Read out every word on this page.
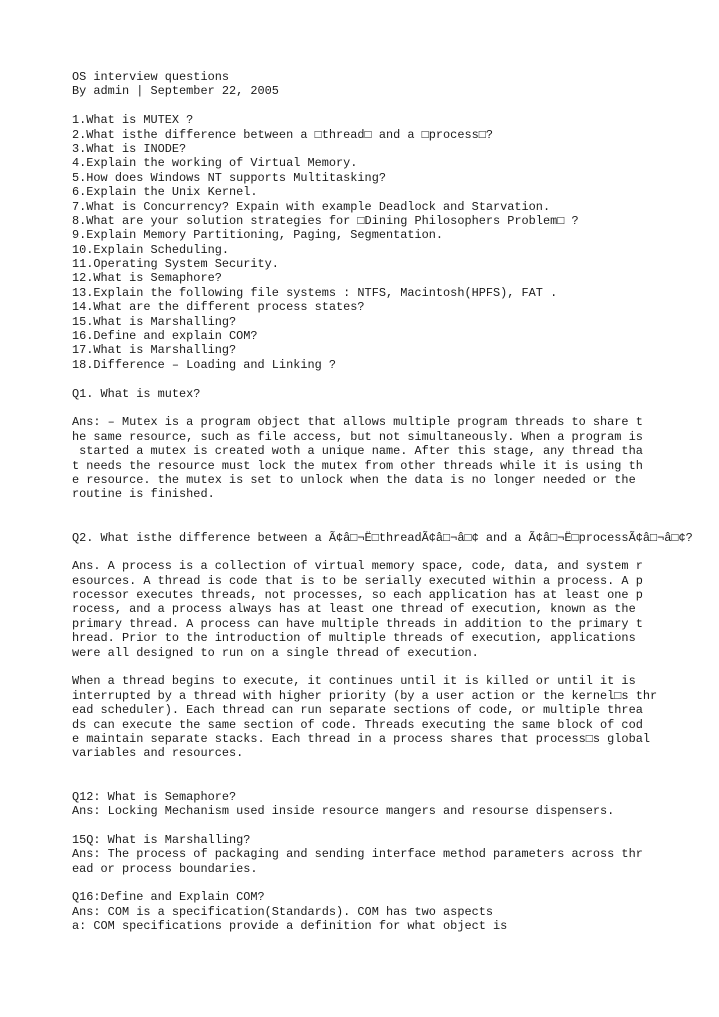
OS interview questions
By admin | September 22, 2005
1.What is MUTEX ?
2.What isthe difference between a □thread□ and a □process□?
3.What is INODE?
4.Explain the working of Virtual Memory.
5.How does Windows NT supports Multitasking?
6.Explain the Unix Kernel.
7.What is Concurrency? Expain with example Deadlock and Starvation.
8.What are your solution strategies for □Dining Philosophers Problem□ ?
9.Explain Memory Partitioning, Paging, Segmentation.
10.Explain Scheduling.
11.Operating System Security.
12.What is Semaphore?
13.Explain the following file systems : NTFS, Macintosh(HPFS), FAT .
14.What are the different process states?
15.What is Marshalling?
16.Define and explain COM?
17.What is Marshalling?
18.Difference – Loading and Linking ?
Q1. What is mutex?
Ans: – Mutex is a program object that allows multiple program threads to share t
he same resource, such as file access, but not simultaneously. When a program is
started a mutex is created woth a unique name. After this stage, any thread tha
t needs the resource must lock the mutex from other threads while it is using th
e resource. the mutex is set to unlock when the data is no longer needed or the
routine is finished.
Q2. What isthe difference between a Ã¢â□¬Ë□threadÃ¢â□¬â□¢ and a Ã¢â□¬Ë□processÃ¢â□¬â□¢?
Ans. A process is a collection of virtual memory space, code, data, and system r
esources. A thread is code that is to be serially executed within a process. A p
rocessor executes threads, not processes, so each application has at least one p
rocess, and a process always has at least one thread of execution, known as the
primary thread. A process can have multiple threads in addition to the primary t
hread. Prior to the introduction of multiple threads of execution, applications
were all designed to run on a single thread of execution.
When a thread begins to execute, it continues until it is killed or until it is
interrupted by a thread with higher priority (by a user action or the kernel□s thr
ead scheduler). Each thread can run separate sections of code, or multiple threa
ds can execute the same section of code. Threads executing the same block of cod
e maintain separate stacks. Each thread in a process shares that process□s global
variables and resources.
Q12: What is Semaphore?
Ans: Locking Mechanism used inside resource mangers and resourse dispensers.
15Q: What is Marshalling?
Ans: The process of packaging and sending interface method parameters across thr
ead or process boundaries.
Q16:Define and Explain COM?
Ans: COM is a specification(Standards). COM has two aspects
a: COM specifications provide a definition for what object is
